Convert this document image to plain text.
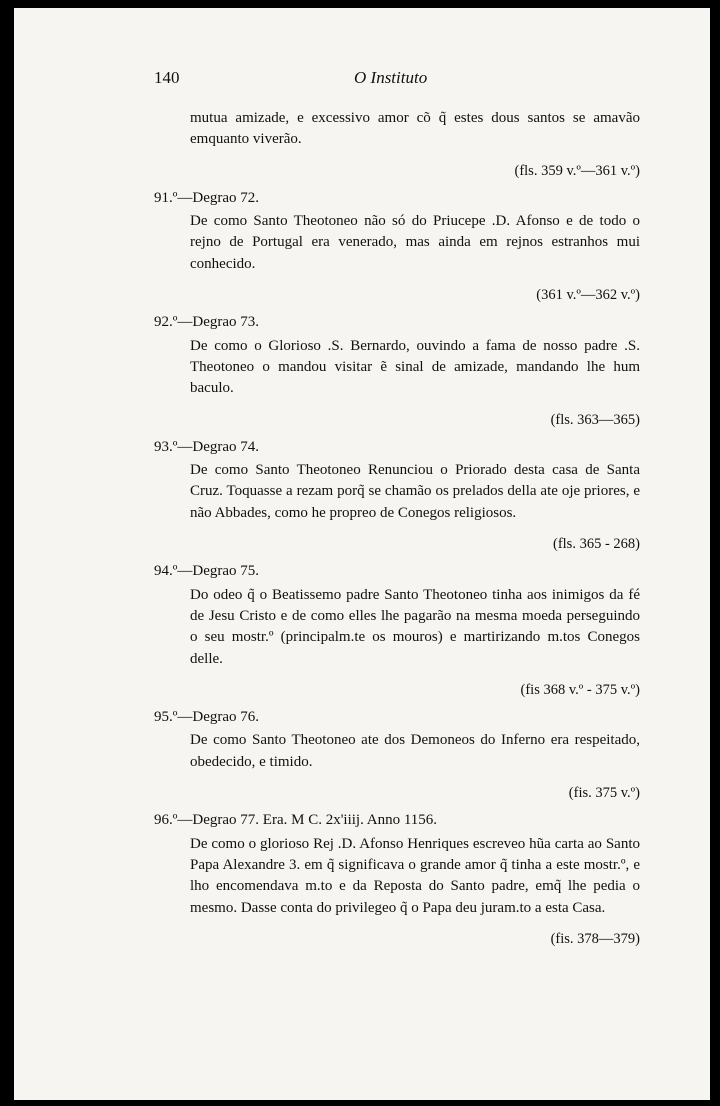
140	O Instituto

mutua amizade, e excessivo amor cõ q̃ estes dous santos se amavão emquanto viverão.

(fls. 359 v.º—361 v.º)
91.º—Degrao 72.

De como Santo Theotoneo não só do Priucepe .D. Afonso e de todo o rejno de Portugal era venerado, mas ainda em rejnos estranhos mui conhecido.

(361 v.º—362 v.º)
92.º—Degrao 73.

De como o Glorioso .S. Bernardo, ouvindo a fama de nosso padre .S. Theotoneo o mandou visitar ẽ sinal de amizade, mandando lhe hum baculo.

(fls. 363—365)
93.º—Degrao 74.

De como Santo Theotoneo Renunciou o Priorado desta casa de Santa Cruz. Toquasse a rezam porq̃ se chamão os prelados della ate oje priores, e não Abbades, como he propreo de Conegos religiosos.

(fls. 365 - 268)
94.º—Degrao 75.

Do odeo q̃ o Beatissemo padre Santo Theotoneo tinha aos inimigos da fé de Jesu Cristo e de como elles lhe pagarão na mesma moeda perseguindo o seu mostr.º (principalm.te os mouros) e martirizando m.tos Conegos delle.

(fis 368 v.º - 375 v.º)
95.º—Degrao 76.

De como Santo Theotoneo ate dos Demoneos do Inferno era respeitado, obedecido, e timido.

(fis. 375 v.º)
96.º—Degrao 77. Era. M C. 2x'iiij. Anno 1156.

De como o glorioso Rej .D. Afonso Henriques escreveo hũa carta ao Santo Papa Alexandre 3. em q̃ significava o grande amor q̃ tinha a este mostr.º, e lho encomendava m.to e da Reposta do Santo padre, emq̃ lhe pedia o mesmo. Dasse conta do privilegeo q̃ o Papa deu juram.to a esta Casa.

(fis. 378—379)
